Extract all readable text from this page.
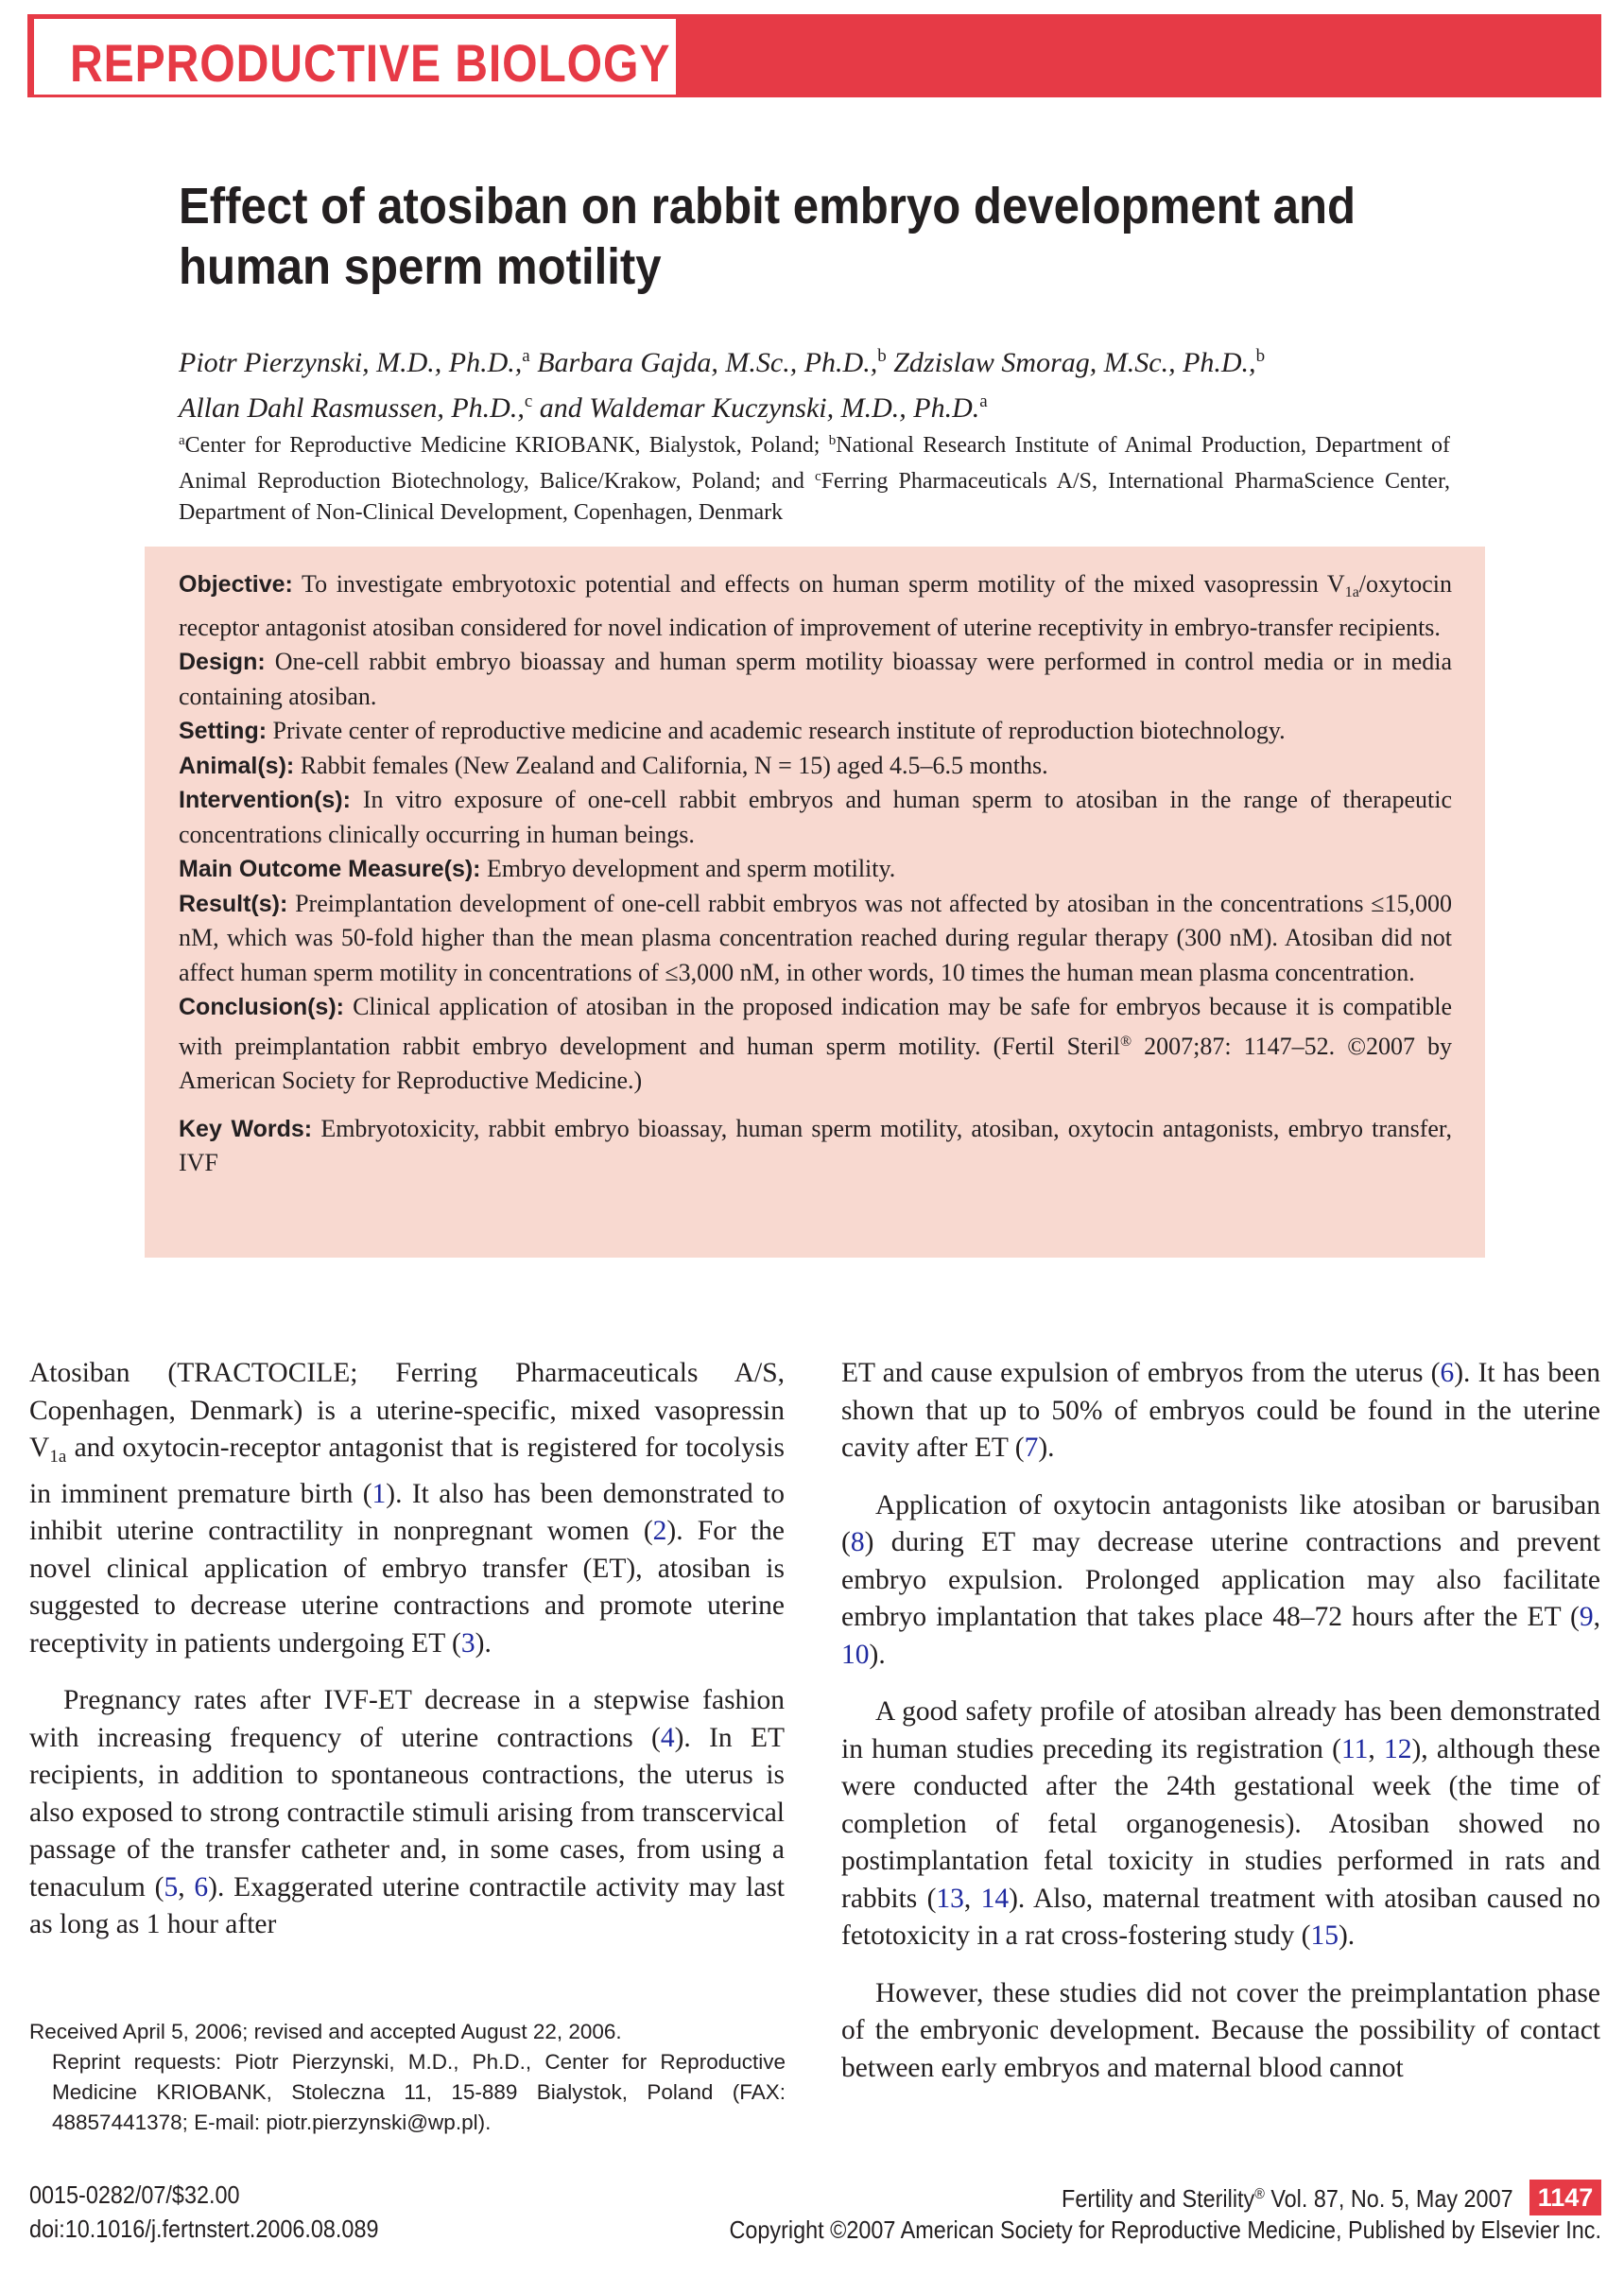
REPRODUCTIVE BIOLOGY
Effect of atosiban on rabbit embryo development and human sperm motility
Piotr Pierzynski, M.D., Ph.D.,$^a$ Barbara Gajda, M.Sc., Ph.D.,$^b$ Zdzislaw Smorag, M.Sc., Ph.D.,$^b$
Allan Dahl Rasmussen, Ph.D.,$^c$ and Waldemar Kuczynski, M.D., Ph.D.$^a$
$^a$Center for Reproductive Medicine KRIOBANK, Bialystok, Poland; $^b$National Research Institute of Animal Production, Department of Animal Reproduction Biotechnology, Balice/Krakow, Poland; and $^c$Ferring Pharmaceuticals A/S, International PharmaScience Center, Department of Non-Clinical Development, Copenhagen, Denmark
Objective: To investigate embryotoxic potential and effects on human sperm motility of the mixed vasopressin $V_{1a}$/oxytocin receptor antagonist atosiban considered for novel indication of improvement of uterine receptivity in embryo-transfer recipients.
Design: One-cell rabbit embryo bioassay and human sperm motility bioassay were performed in control media or in media containing atosiban.
Setting: Private center of reproductive medicine and academic research institute of reproduction biotechnology.
Animal(s): Rabbit females (New Zealand and California, N = 15) aged 4.5–6.5 months.
Intervention(s): In vitro exposure of one-cell rabbit embryos and human sperm to atosiban in the range of therapeutic concentrations clinically occurring in human beings.
Main Outcome Measure(s): Embryo development and sperm motility.
Result(s): Preimplantation development of one-cell rabbit embryos was not affected by atosiban in the concentrations ≤15,000 nM, which was 50-fold higher than the mean plasma concentration reached during regular therapy (300 nM). Atosiban did not affect human sperm motility in concentrations of ≤3,000 nM, in other words, 10 times the human mean plasma concentration.
Conclusion(s): Clinical application of atosiban in the proposed indication may be safe for embryos because it is compatible with preimplantation rabbit embryo development and human sperm motility. (Fertil Steril® 2007;87: 1147–52. ©2007 by American Society for Reproductive Medicine.)
Key Words: Embryotoxicity, rabbit embryo bioassay, human sperm motility, atosiban, oxytocin antagonists, embryo transfer, IVF

Atosiban (TRACTOCILE; Ferring Pharmaceuticals A/S, Copenhagen, Denmark) is a uterine-specific, mixed vasopressin $V_{1a}$ and oxytocin-receptor antagonist that is registered for tocolysis in imminent premature birth (1). It also has been demonstrated to inhibit uterine contractility in nonpregnant women (2). For the novel clinical application of embryo transfer (ET), atosiban is suggested to decrease uterine contractions and promote uterine receptivity in patients undergoing ET (3).

Pregnancy rates after IVF-ET decrease in a stepwise fashion with increasing frequency of uterine contractions (4). In ET recipients, in addition to spontaneous contractions, the uterus is also exposed to strong contractile stimuli arising from transcervical passage of the transfer catheter and, in some cases, from using a tenaculum (5, 6). Exaggerated uterine contractile activity may last as long as 1 hour after

ET and cause expulsion of embryos from the uterus (6). It has been shown that up to 50% of embryos could be found in the uterine cavity after ET (7).

Application of oxytocin antagonists like atosiban or barusiban (8) during ET may decrease uterine contractions and prevent embryo expulsion. Prolonged application may also facilitate embryo implantation that takes place 48–72 hours after the ET (9, 10).

A good safety profile of atosiban already has been demonstrated in human studies preceding its registration (11, 12), although these were conducted after the 24th gestational week (the time of completion of fetal organogenesis). Atosiban showed no postimplantation fetal toxicity in studies performed in rats and rabbits (13, 14). Also, maternal treatment with atosiban caused no fetotoxicity in a rat cross-fostering study (15).

However, these studies did not cover the preimplantation phase of the embryonic development. Because the possibility of contact between early embryos and maternal blood cannot

Received April 5, 2006; revised and accepted August 22, 2006.
Reprint requests: Piotr Pierzynski, M.D., Ph.D., Center for Reproductive Medicine KRIOBANK, Stoleczna 11, 15-889 Bialystok, Poland (FAX: 48857441378; E-mail: piotr.pierzynski@wp.pl).
0015-0282/07/$32.00
doi:10.1016/j.fertnstert.2006.08.089
Fertility and Sterility® Vol. 87, No. 5, May 2007 1147
Copyright ©2007 American Society for Reproductive Medicine, Published by Elsevier Inc.
